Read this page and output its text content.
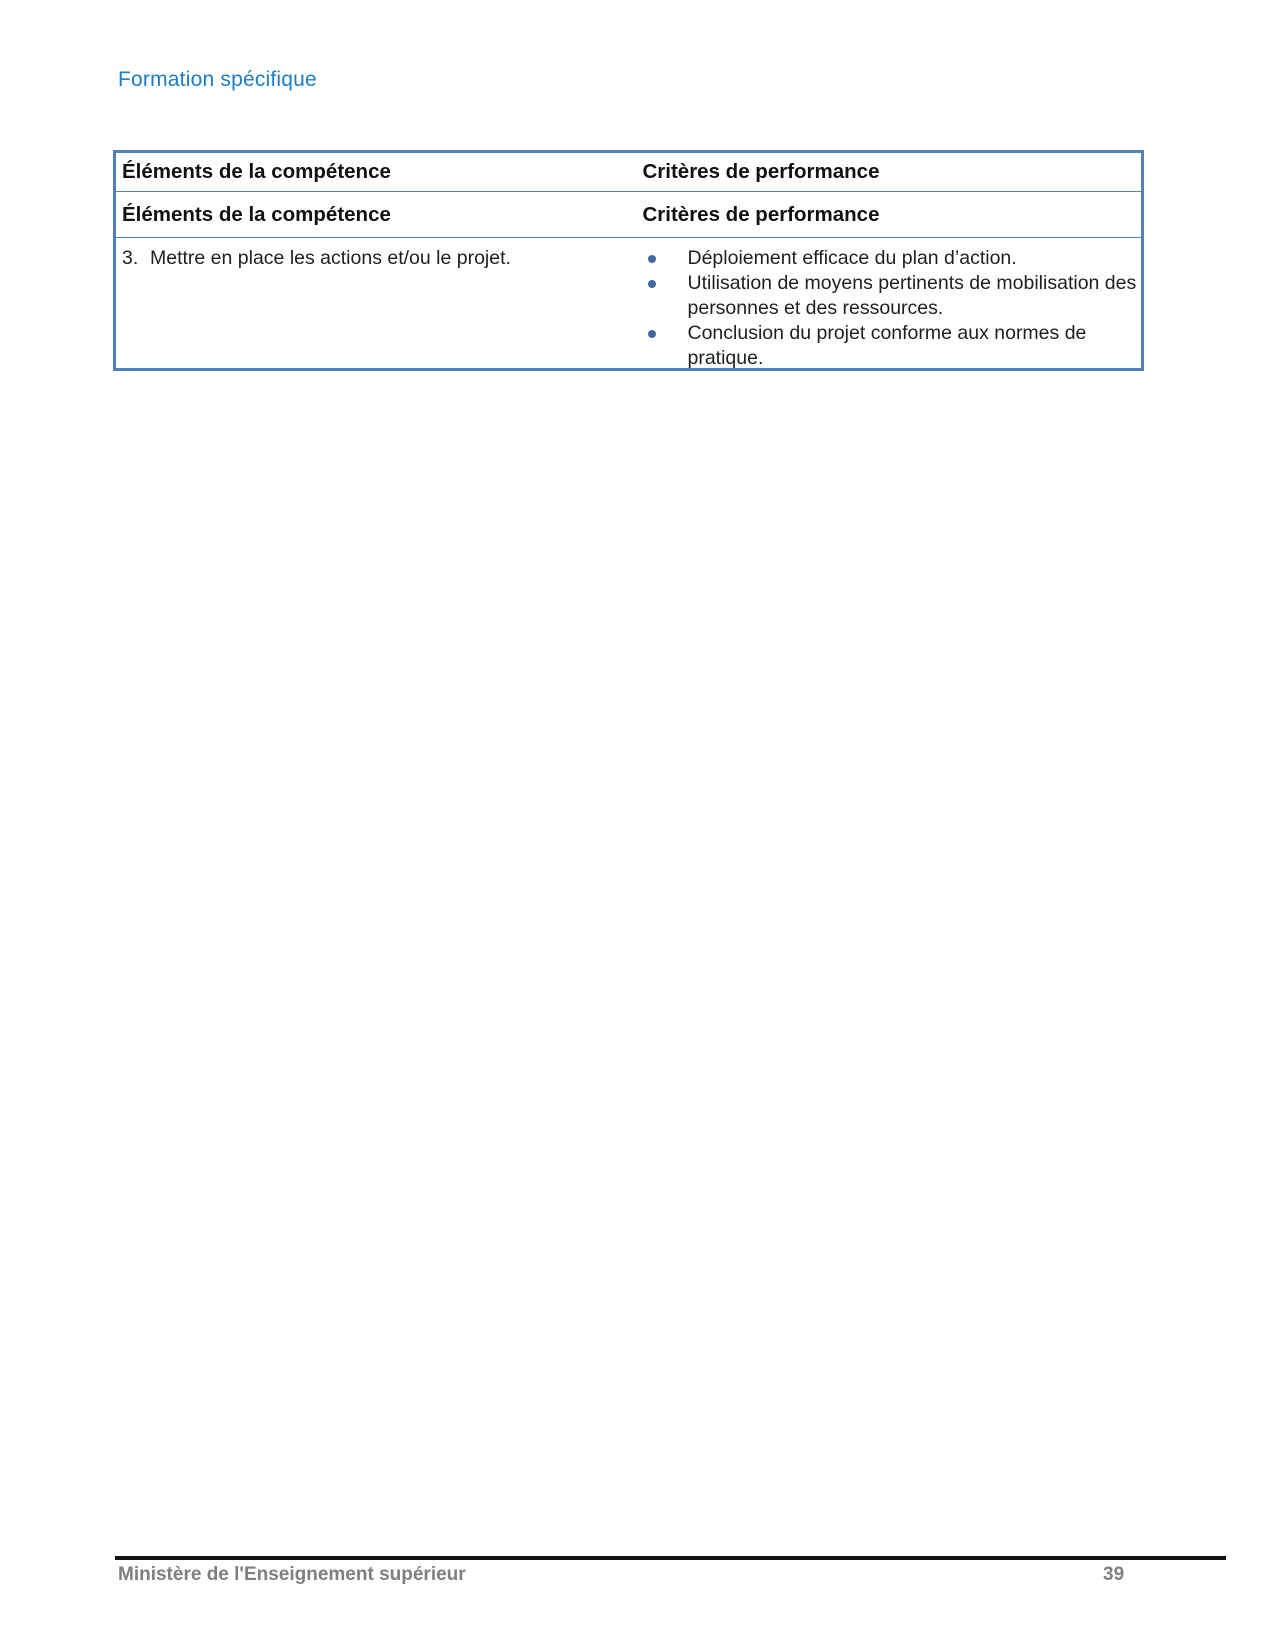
Formation spécifique
Éléments de la compétence	Critères de performance
Éléments de la compétence	Critères de performance
3. Mettre en place les actions et/ou le projet.	Déploiement efficace du plan d’action.
Utilisation de moyens pertinents de mobilisation des personnes et des ressources.
Conclusion du projet conforme aux normes de pratique.
Ministère de l'Enseignement supérieur	39
